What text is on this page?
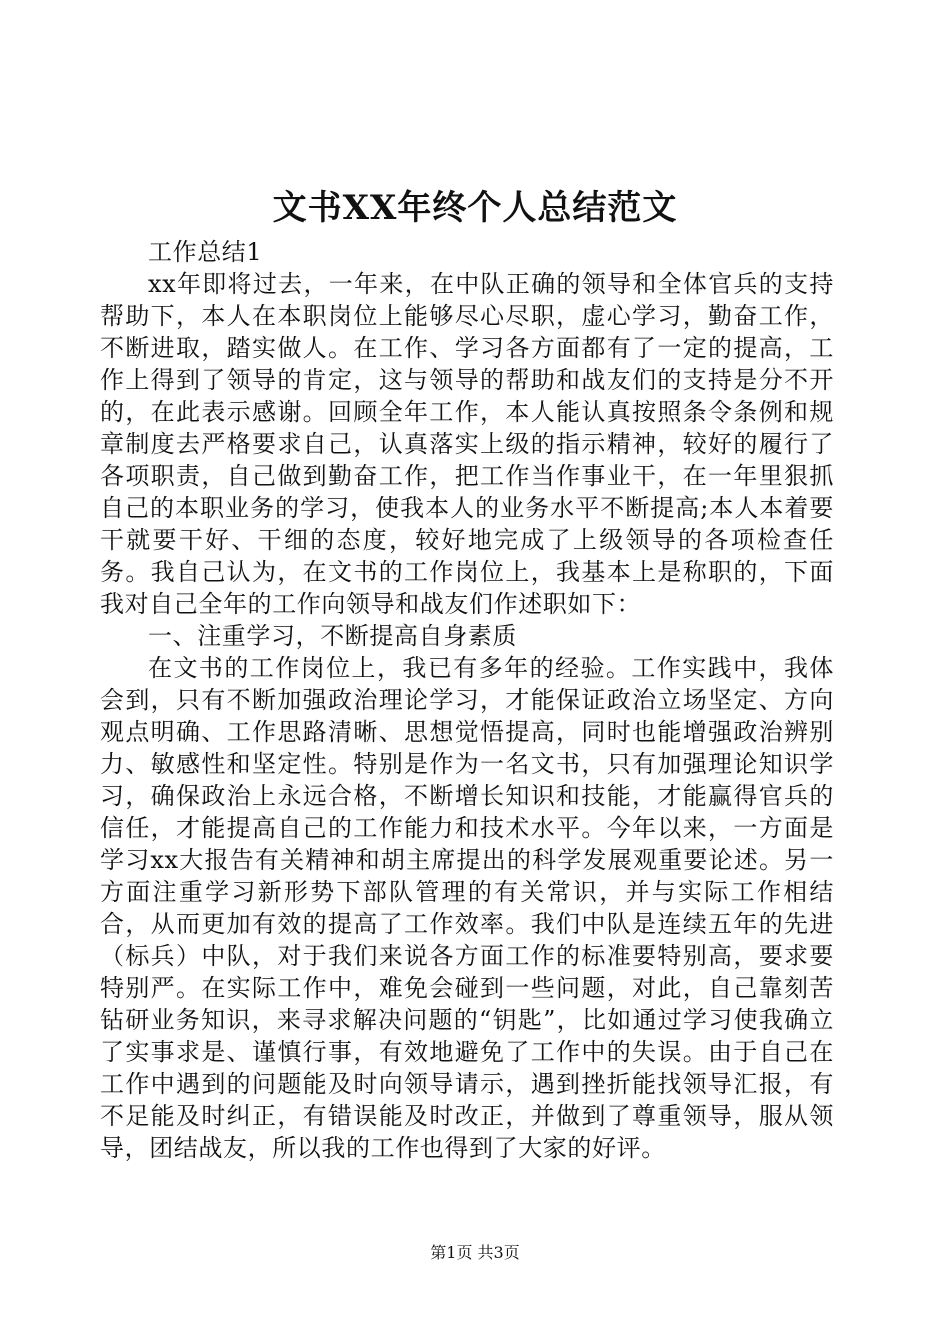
文书XX年终个人总结范文

工作总结1

xx年即将过去，一年来，在中队正确的领导和全体官兵的支持帮助下，本人在本职岗位上能够尽心尽职，虚心学习，勤奋工作，不断进取，踏实做人。在工作、学习各方面都有了一定的提高，工作上得到了领导的肯定，这与领导的帮助和战友们的支持是分不开的，在此表示感谢。回顾全年工作，本人能认真按照条令条例和规章制度去严格要求自己，认真落实上级的指示精神，较好的履行了各项职责，自己做到勤奋工作，把工作当作事业干，在一年里狠抓自己的本职业务的学习，使我本人的业务水平不断提高;本人本着要干就要干好、干细的态度，较好地完成了上级领导的各项检查任务。我自己认为，在文书的工作岗位上，我基本上是称职的，下面我对自己全年的工作向领导和战友们作述职如下：

一、注重学习，不断提高自身素质

在文书的工作岗位上，我已有多年的经验。工作实践中，我体会到，只有不断加强政治理论学习，才能保证政治立场坚定、方向观点明确、工作思路清晰、思想觉悟提高，同时也能增强政治辨别力、敏感性和坚定性。特别是作为一名文书，只有加强理论知识学习，确保政治上永远合格，不断增长知识和技能，才能赢得官兵的信任，才能提高自己的工作能力和技术水平。今年以来，一方面是学习xx大报告有关精神和胡主席提出的科学发展观重要论述。另一方面注重学习新形势下部队管理的有关常识，并与实际工作相结合，从而更加有效的提高了工作效率。我们中队是连续五年的先进（标兵）中队，对于我们来说各方面工作的标准要特别高，要求要特别严。在实际工作中，难免会碰到一些问题，对此，自己靠刻苦钻研业务知识，来寻求解决问题的“钥匙”，比如通过学习使我确立了实事求是、谨慎行事，有效地避免了工作中的失误。由于自己在工作中遇到的问题能及时向领导请示，遇到挫折能找领导汇报，有不足能及时纠正，有错误能及时改正，并做到了尊重领导，服从领导，团结战友，所以我的工作也得到了大家的好评。

第1页 共3页
